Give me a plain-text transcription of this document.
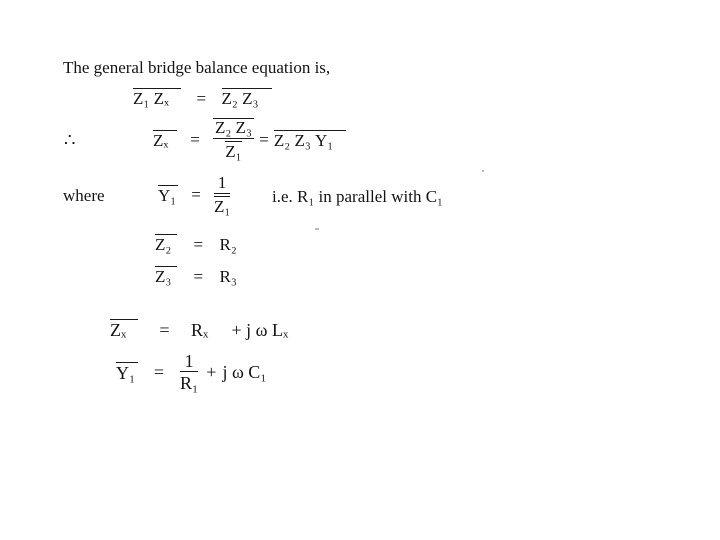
The general bridge balance equation is,
Z₁ Zₓ = Z₂ Z₃
∴	Zₓ	= $\frac{\text{Z₂ Z₃}}{\text{Z₁}} = Z_2$ Z₃ Y₁
where	$Y_1 = \frac{1}{\text{Z₁}} i.e$. R₁ in parallel with C₁
Z₂ = R₂
Z₃ = R₃
Zₓ = Rₓ + j ω Lₓ
Y₁	= $\frac{1}{\text{R₁}} + j$ ω C₁
